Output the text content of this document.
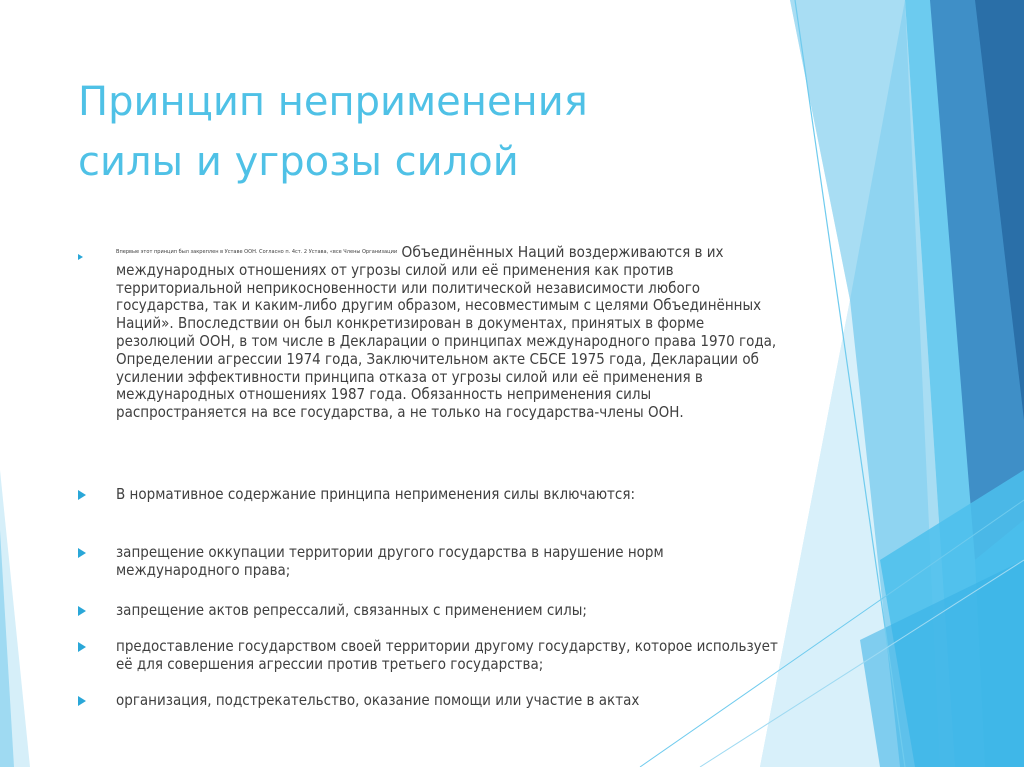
Принцип неприменения
силы и угрозы силой

$^{Впервые этот принцип был закреплен в Уставе ООН. Согласно п. 4ст. 2 Устава, «все Члены Организации}$ Объединённых Наций воздерживаются в их международных отношениях от угрозы силой или её применения как против территориальной неприкосновенности или политической независимости любого государства, так и каким-либо другим образом, несовместимым с целями Объединённых Наций». Впоследствии он был конкретизирован в документах, принятых в форме резолюций ООН, в том числе в Декларации о принципах международного права 1970 года, Определении агрессии 1974 года, Заключительном акте СБСЕ 1975 года, Декларации об усилении эффективности принципа отказа от угрозы силой или её применения в международных отношениях 1987 года. Обязанность неприменения силы распространяется на все государства, а не только на государства-члены ООН.

В нормативное содержание принципа неприменения силы включаются:

запрещение оккупации территории другого государства в нарушение норм международного права;

запрещение актов репрессалий, связанных с применением силы;

предоставление государством своей территории другому государству, которое использует её для совершения агрессии против третьего государства;

организация, подстрекательство, оказание помощи или участие в актах
